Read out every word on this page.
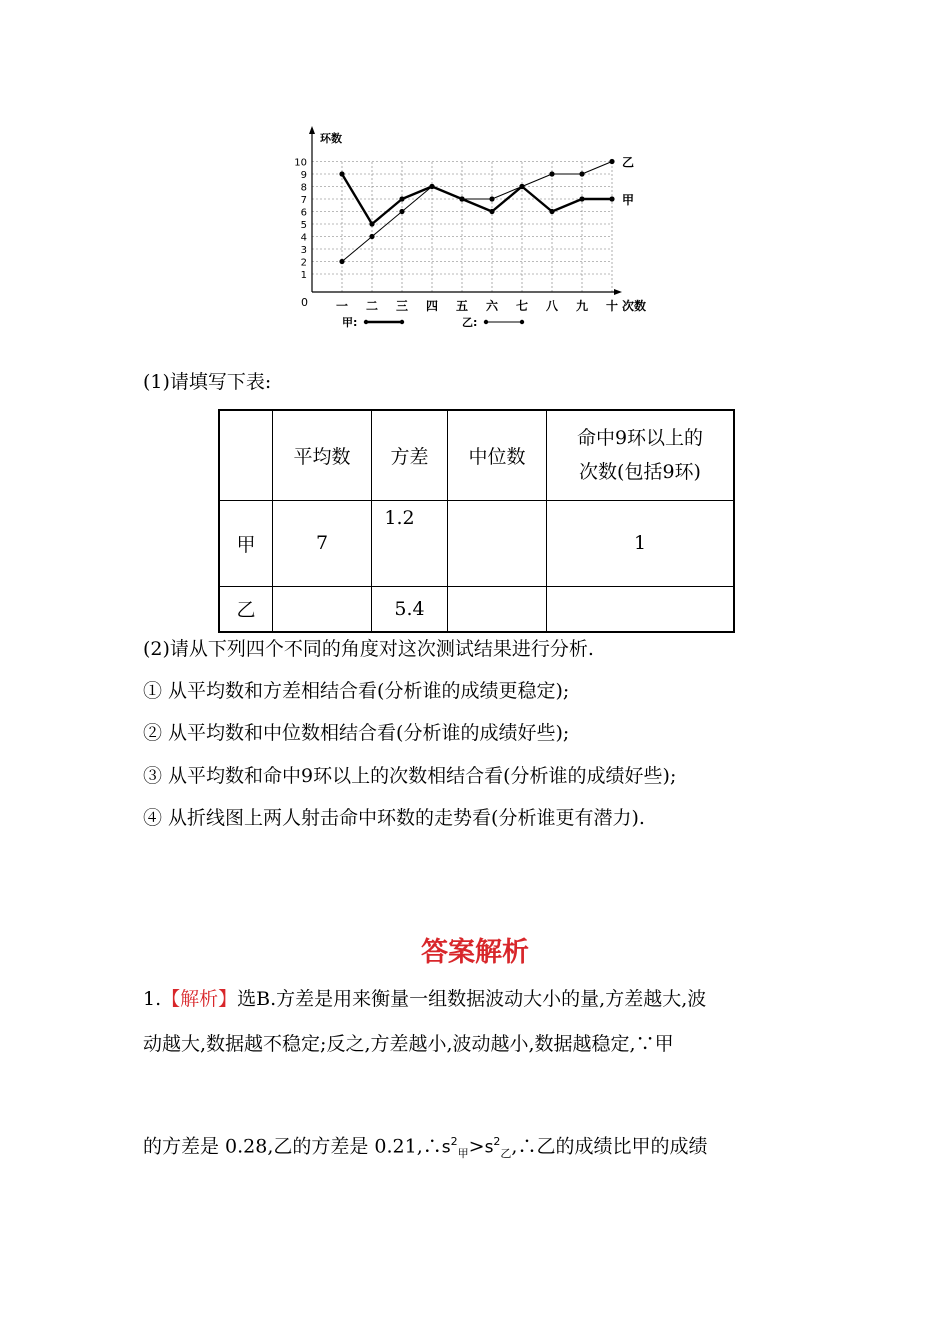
环数
0
甲
乙
1
2
3
4
5
6
7
8
9
10
一 二 三 四 五 六 七 八 九 十 次数
甲:	乙:
(1)请填写下表:
	平均数	方差	中位数	命中9环以上的
次数(包括9环)

甲	7	1.2		1
乙		5.4		
(2)请从下列四个不同的角度对这次测试结果进行分析.
① 从平均数和方差相结合看(分析谁的成绩更稳定);
② 从平均数和中位数相结合看(分析谁的成绩好些);
③ 从平均数和命中9环以上的次数相结合看(分析谁的成绩好些);
④ 从折线图上两人射击命中环数的走势看(分析谁更有潜力).
答案解析
1.【解析】选B.方差是用来衡量一组数据波动大小的量,方差越大,波
动越大,数据越不稳定;反之,方差越小,波动越小,数据越稳定,∵甲
的方差是 0.28,乙的方差是 $0.21,\therefore s^2_甲>s^2_乙,\therefore$乙的成绩比甲的成绩
